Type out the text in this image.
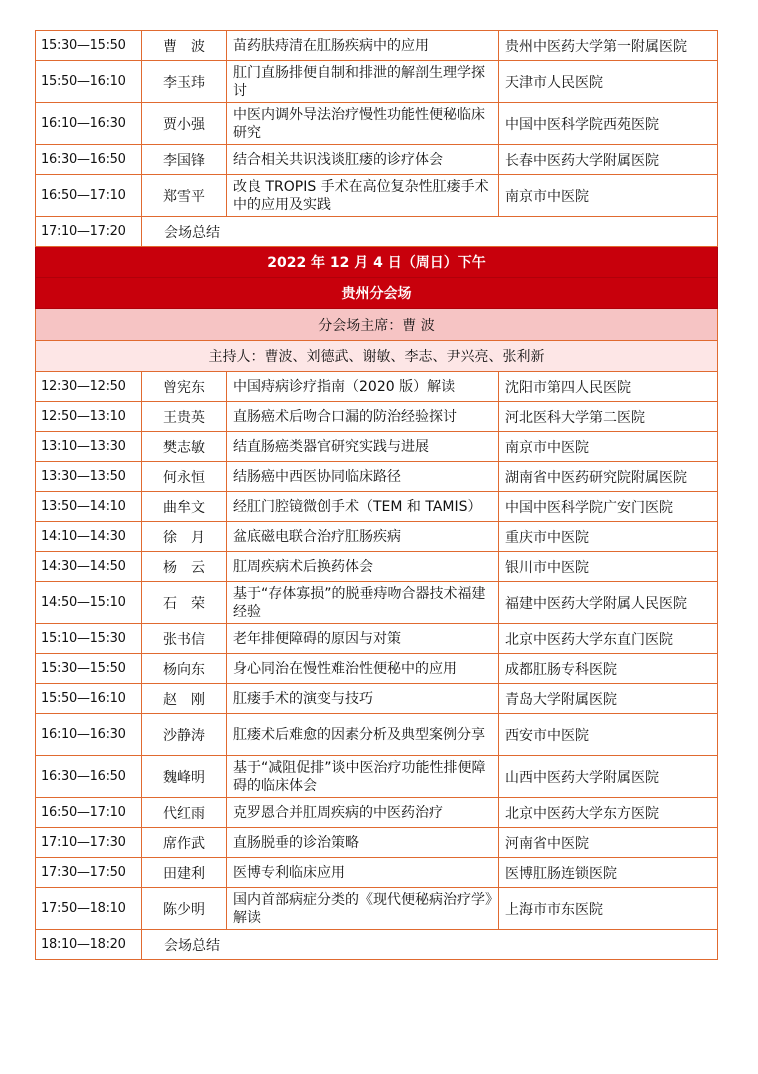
15:30—15:50	曹　波	苗药肤痔清在肛肠疾病中的应用	贵州中医药大学第一附属医院
15:50—16:10	李玉玮	肛门直肠排便自制和排泄的解剖生理学探讨	天津市人民医院
16:10—16:30	贾小强	中医内调外导法治疗慢性功能性便秘临床研究	中国中医科学院西苑医院
16:30—16:50	李国锋	结合相关共识浅谈肛瘘的诊疗体会	长春中医药大学附属医院
16:50—17:10	郑雪平	改良 TROPIS 手术在高位复杂性肛瘘手术中的应用及实践	南京市中医院
17:10—17:20	会场总结		
2022 年 12 月 4 日（周日）下午			
贵州分会场			
分会场主席：曹 波			
主持人：曹波、刘德武、谢敏、李志、尹兴亮、张利新			
12:30—12:50	曾宪东	中国痔病诊疗指南（2020 版）解读	沈阳市第四人民医院
12:50—13:10	王贵英	直肠癌术后吻合口漏的防治经验探讨	河北医科大学第二医院
13:10—13:30	樊志敏	结直肠癌类器官研究实践与进展	南京市中医院
13:30—13:50	何永恒	结肠癌中西医协同临床路径	湖南省中医药研究院附属医院
13:50—14:10	曲牟文	经肛门腔镜微创手术（TEM 和 TAMIS）	中国中医科学院广安门医院
14:10—14:30	徐　月	盆底磁电联合治疗肛肠疾病	重庆市中医院
14:30—14:50	杨　云	肛周疾病术后换药体会	银川市中医院
14:50—15:10	石　荣	基于“存体寡损”的脱垂痔吻合器技术福建经验	福建中医药大学附属人民医院
15:10—15:30	张书信	老年排便障碍的原因与对策	北京中医药大学东直门医院
15:30—15:50	杨向东	身心同治在慢性难治性便秘中的应用	成都肛肠专科医院
15:50—16:10	赵　刚	肛瘘手术的演变与技巧	青岛大学附属医院
16:10—16:30	沙静涛	肛瘘术后难愈的因素分析及典型案例分享	西安市中医院
16:30—16:50	魏峰明	基于“减阻促排”谈中医治疗功能性排便障碍的临床体会	山西中医药大学附属医院
16:50—17:10	代红雨	克罗恩合并肛周疾病的中医药治疗	北京中医药大学东方医院
17:10—17:30	席作武	直肠脱垂的诊治策略	河南省中医院
17:30—17:50	田建利	医博专利临床应用	医博肛肠连锁医院
17:50—18:10	陈少明	国内首部病症分类的《现代便秘病治疗学》解读	上海市市东医院
18:10—18:20	会场总结		
